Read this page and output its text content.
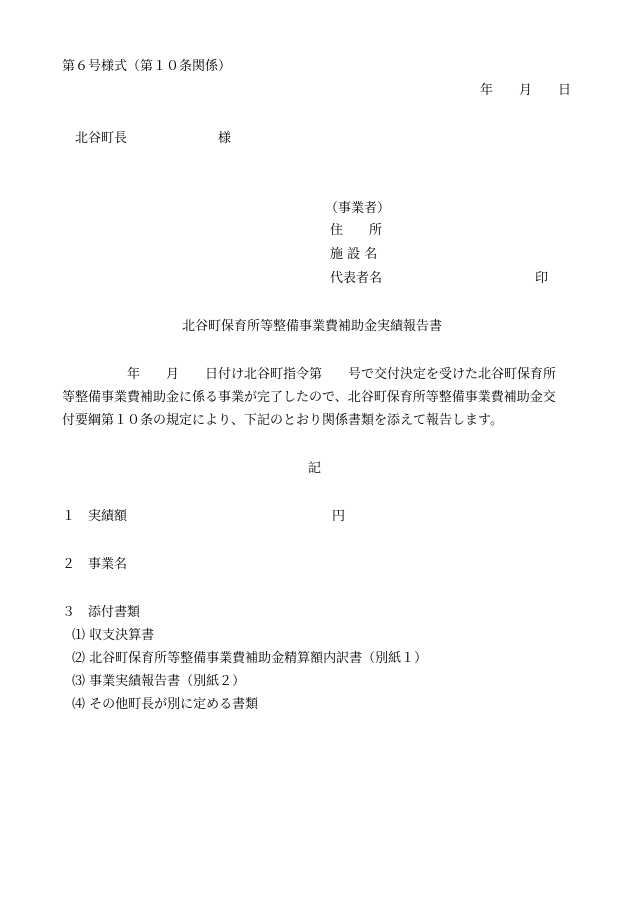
第６号様式（第１０条関係）
年　　月　　日
北谷町長　　　　　　　様
（事業者）
住　　所
施 設 名
代表者名	印
北谷町保育所等整備事業費補助金実績報告書
　　　　　年　　月　　日付け北谷町指令第　　号で交付決定を受けた北谷町保育所
等整備事業費補助金に係る事業が完了したので、北谷町保育所等整備事業費補助金交
付要綱第１０条の規定により、下記のとおり関係書類を添えて報告します。
記
１　実績額	円
２　事業名
３　添付書類
⑴ 収支決算書
⑵ 北谷町保育所等整備事業費補助金精算額内訳書（別紙１）
⑶ 事業実績報告書（別紙２）
⑷ その他町長が別に定める書類
